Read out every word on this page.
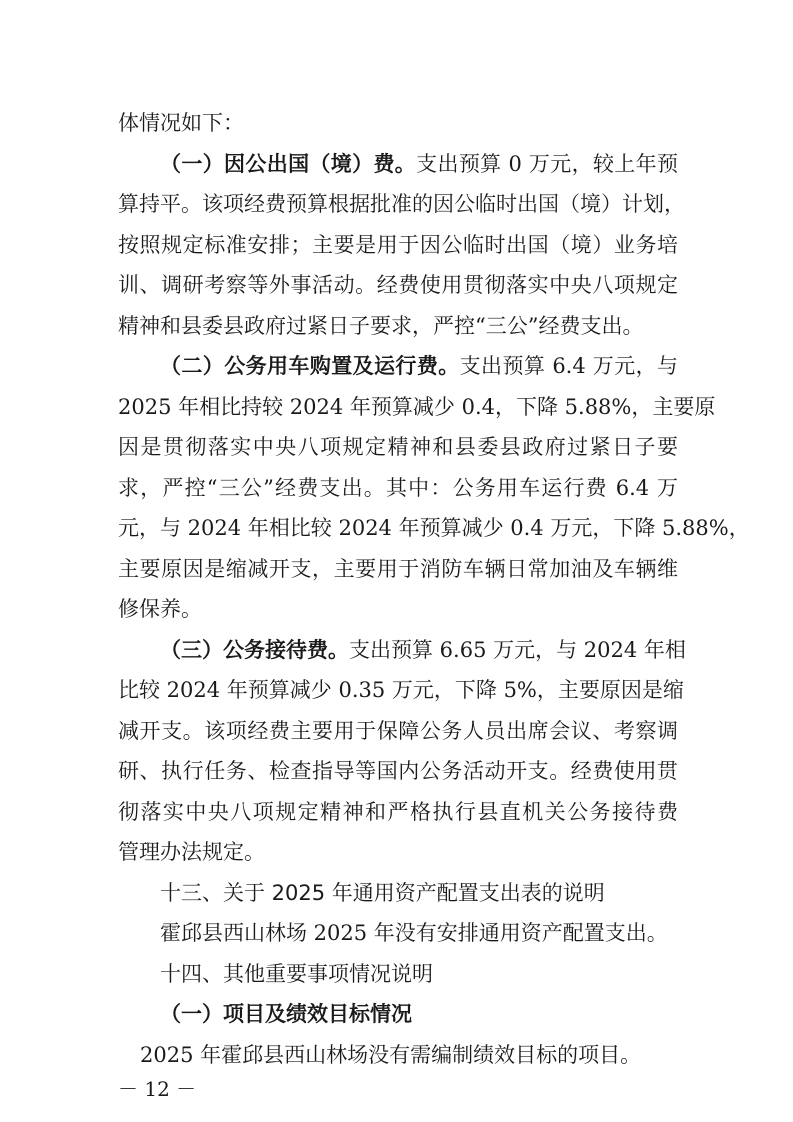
体情况如下：
（一）因公出国（境）费。支出预算 0 万元，较上年预
算持平。该项经费预算根据批准的因公临时出国（境）计划，
按照规定标准安排；主要是用于因公临时出国（境）业务培
训、调研考察等外事活动。经费使用贯彻落实中央八项规定
精神和县委县政府过紧日子要求，严控“三公”经费支出。
（二）公务用车购置及运行费。支出预算 6.4 万元，与
2025 年相比持较 2024 年预算减少 0.4，下降 5.88%，主要原
因是贯彻落实中央八项规定精神和县委县政府过紧日子要
求，严控“三公”经费支出。其中：公务用车运行费 6.4 万
元，与 2024 年相比较 2024 年预算减少 0.4 万元，下降 5.88%，
主要原因是缩减开支，主要用于消防车辆日常加油及车辆维
修保养。
（三）公务接待费。支出预算 6.65 万元，与 2024 年相
比较 2024 年预算减少 0.35 万元，下降 5%，主要原因是缩
减开支。该项经费主要用于保障公务人员出席会议、考察调
研、执行任务、检查指导等国内公务活动开支。经费使用贯
彻落实中央八项规定精神和严格执行县直机关公务接待费
管理办法规定。
十三、关于 2025 年通用资产配置支出表的说明
霍邱县西山林场 2025 年没有安排通用资产配置支出。
十四、其他重要事项情况说明
（一）项目及绩效目标情况
2025 年霍邱县西山林场没有需编制绩效目标的项目。
－ 12 －
